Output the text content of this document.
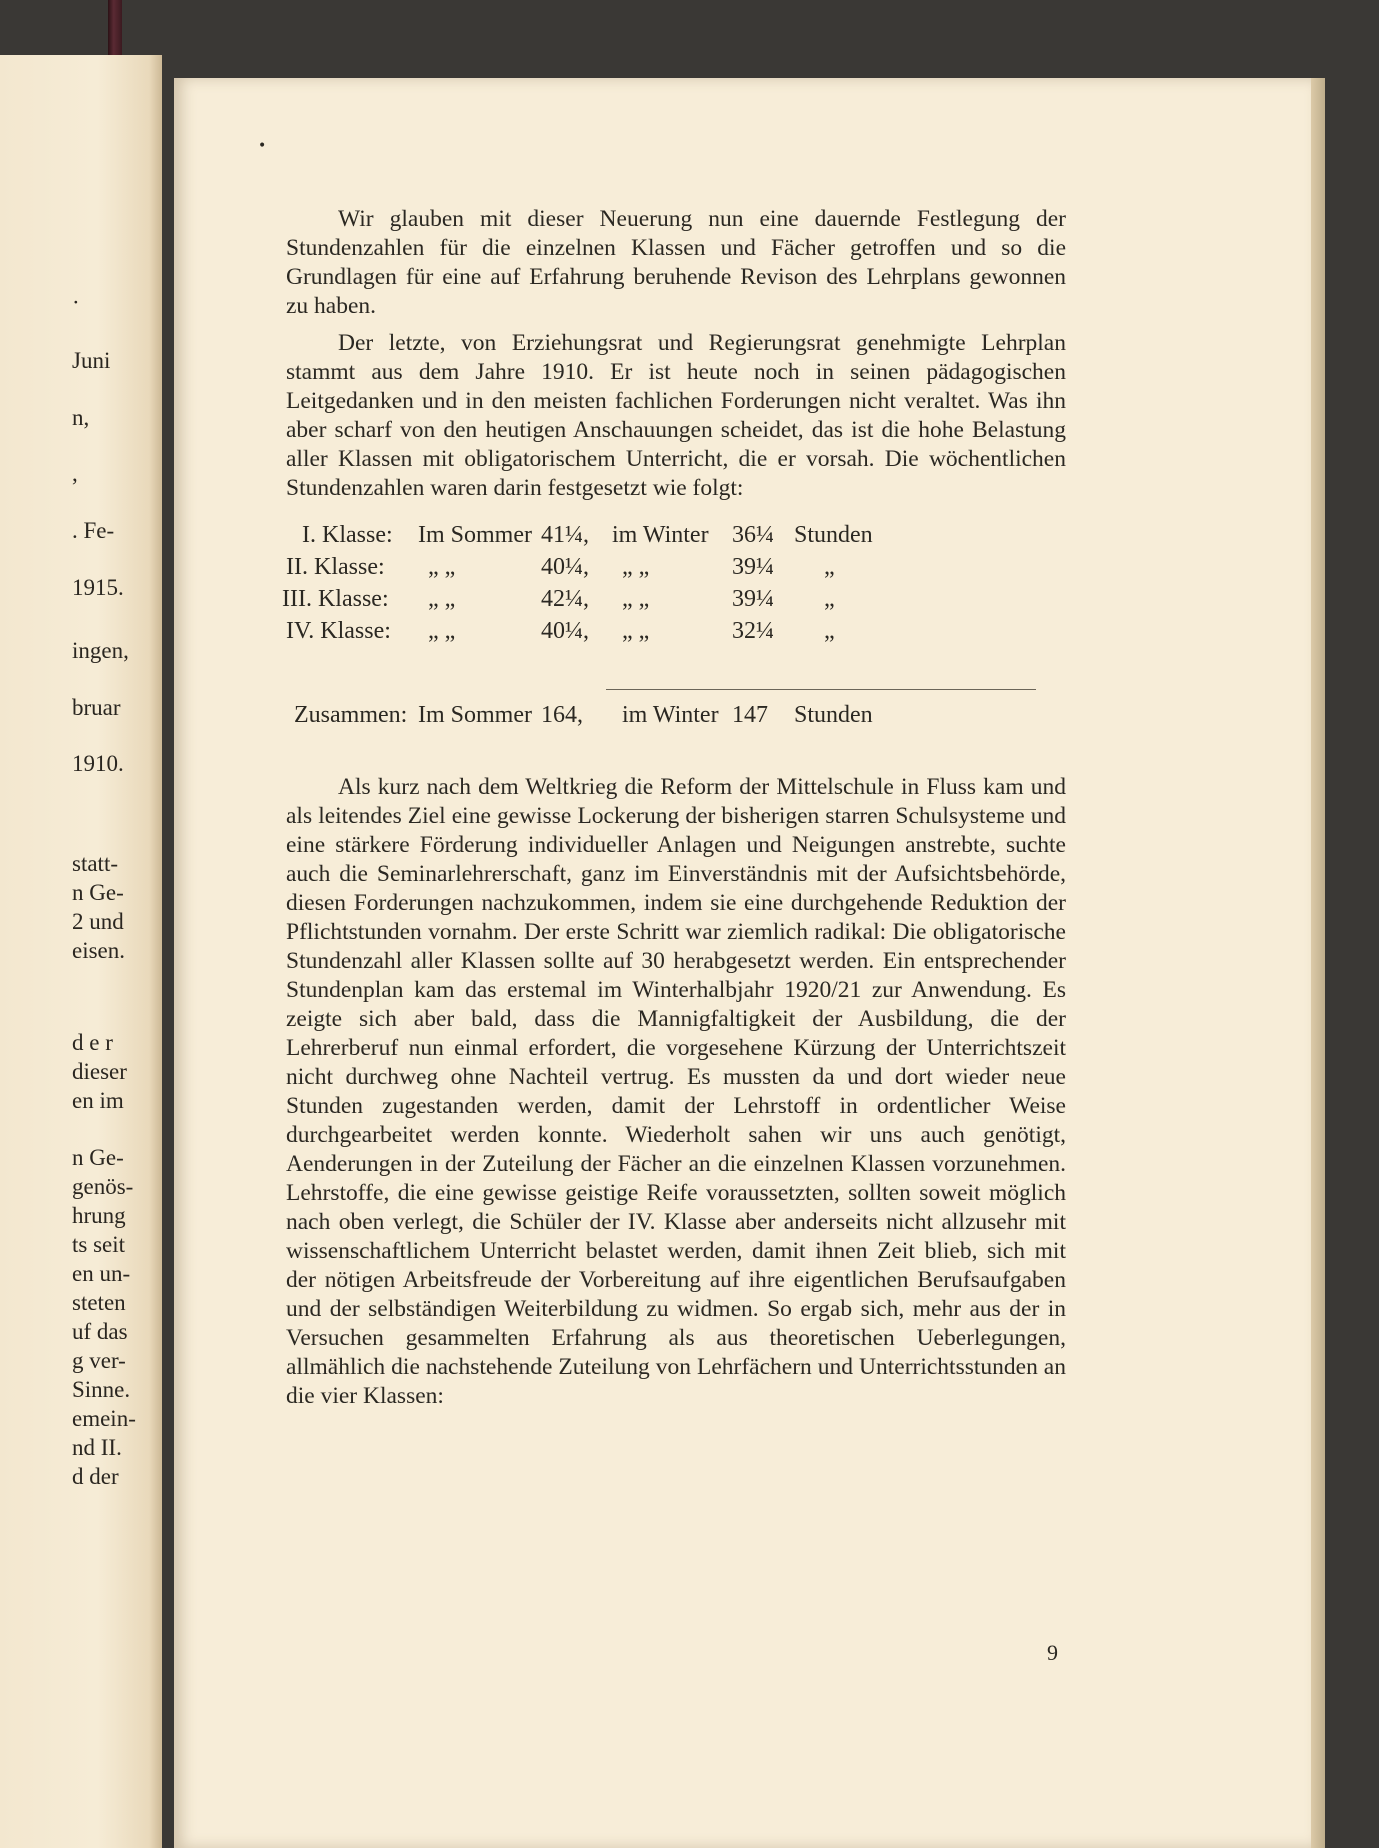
·
Juni
n,
,
. Fe-
1915.
ingen,
bruar
1910.
statt-
n Ge-
2 und
eisen.
d e r
dieser
en im
n Ge-
genös-
hrung
ts seit
en un-
steten
uf das
g ver-
Sinne.
emein-
nd II.
d der
•

Wir glauben mit dieser Neuerung nun eine dauernde Festlegung der Stundenzahlen für die einzelnen Klassen und Fächer getroffen und so die Grundlagen für eine auf Erfahrung beruhende Revison des Lehrplans gewonnen zu haben.

Der letzte, von Erziehungsrat und Regierungsrat genehmigte Lehrplan stammt aus dem Jahre 1910. Er ist heute noch in seinen pädagogischen Leitgedanken und in den meisten fachlichen Forderungen nicht veraltet. Was ihn aber scharf von den heutigen Anschauungen scheidet, das ist die hohe Belastung aller Klassen mit obligatorischem Unterricht, die er vorsah. Die wöchentlichen Stundenzahlen waren darin festgesetzt wie folgt:

I. Klasse: Im Sommer 41¼, im Winter 36¼ Stunden
II. Klasse: „ „	40¼, „ „	39¼ „
III. Klasse: „ „	42¼, „ „	39¼ „
IV. Klasse: „ „	40¼, „ „	32¼ „
Zusammen: Im Sommer 164, im Winter 147 Stunden

Als kurz nach dem Weltkrieg die Reform der Mittelschule in Fluss kam und als leitendes Ziel eine gewisse Lockerung der bisherigen starren Schulsysteme und eine stärkere Förderung individueller Anlagen und Neigungen anstrebte, suchte auch die Seminarlehrerschaft, ganz im Einverständnis mit der Aufsichtsbehörde, diesen Forderungen nachzukommen, indem sie eine durchgehende Reduktion der Pflichtstunden vornahm. Der erste Schritt war ziemlich radikal: Die obligatorische Stundenzahl aller Klassen sollte auf 30 herabgesetzt werden. Ein entsprechender Stundenplan kam das erstemal im Winterhalbjahr 1920/21 zur Anwendung. Es zeigte sich aber bald, dass die Mannigfaltigkeit der Ausbildung, die der Lehrerberuf nun einmal erfordert, die vorgesehene Kürzung der Unterrichtszeit nicht durchweg ohne Nachteil vertrug. Es mussten da und dort wieder neue Stunden zugestanden werden, damit der Lehrstoff in ordentlicher Weise durchgearbeitet werden konnte. Wiederholt sahen wir uns auch genötigt, Aenderungen in der Zuteilung der Fächer an die einzelnen Klassen vorzunehmen. Lehrstoffe, die eine gewisse geistige Reife voraussetzten, sollten soweit möglich nach oben verlegt, die Schüler der IV. Klasse aber anderseits nicht allzusehr mit wissenschaftlichem Unterricht belastet werden, damit ihnen Zeit blieb, sich mit der nötigen Arbeitsfreude der Vorbereitung auf ihre eigentlichen Berufsaufgaben und der selbständigen Weiterbildung zu widmen. So ergab sich, mehr aus der in Versuchen gesammelten Erfahrung als aus theoretischen Ueberlegungen, allmählich die nachstehende Zuteilung von Lehrfächern und Unterrichtsstunden an die vier Klassen:

9
